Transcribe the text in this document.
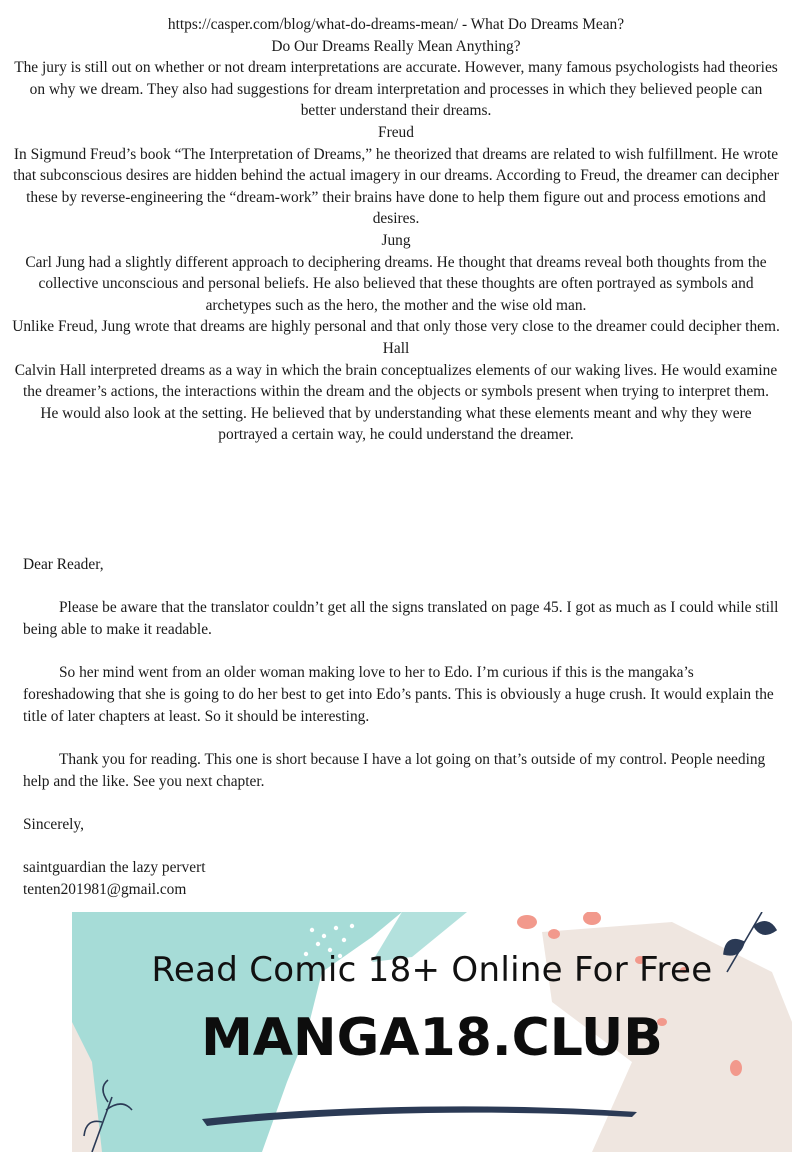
https://casper.com/blog/what-do-dreams-mean/ - What Do Dreams Mean?

Do Our Dreams Really Mean Anything?

The jury is still out on whether or not dream interpretations are accurate. However, many famous psychologists had theories on why we dream. They also had suggestions for dream interpretation and processes in which they believed people can better understand their dreams.

Freud

In Sigmund Freud’s book “The Interpretation of Dreams,” he theorized that dreams are related to wish fulfillment. He wrote that subconscious desires are hidden behind the actual imagery in our dreams. According to Freud, the dreamer can decipher these by reverse-engineering the “dream-work” their brains have done to help them figure out and process emotions and desires.

Jung

Carl Jung had a slightly different approach to deciphering dreams. He thought that dreams reveal both thoughts from the collective unconscious and personal beliefs. He also believed that these thoughts are often portrayed as symbols and archetypes such as the hero, the mother and the wise old man.

Unlike Freud, Jung wrote that dreams are highly personal and that only those very close to the dreamer could decipher them.

Hall

Calvin Hall interpreted dreams as a way in which the brain conceptualizes elements of our waking lives. He would examine the dreamer’s actions, the interactions within the dream and the objects or symbols present when trying to interpret them.

He would also look at the setting. He believed that by understanding what these elements meant and why they were portrayed a certain way, he could understand the dreamer.

Dear Reader,

Please be aware that the translator couldn’t get all the signs translated on page 45. I got as much as I could while still being able to make it readable.

So her mind went from an older woman making love to her to Edo. I’m curious if this is the mangaka’s foreshadowing that she is going to do her best to get into Edo’s pants. This is obviously a huge crush. It would explain the title of later chapters at least. So it should be interesting.

Thank you for reading. This one is short because I have a lot going on that’s outside of my control. People needing help and the like. See you next chapter.

Sincerely,

saintguardian the lazy pervert

tenten201981@gmail.com

Read Comic 18+ Online For Free
MANGA18.CLUB
